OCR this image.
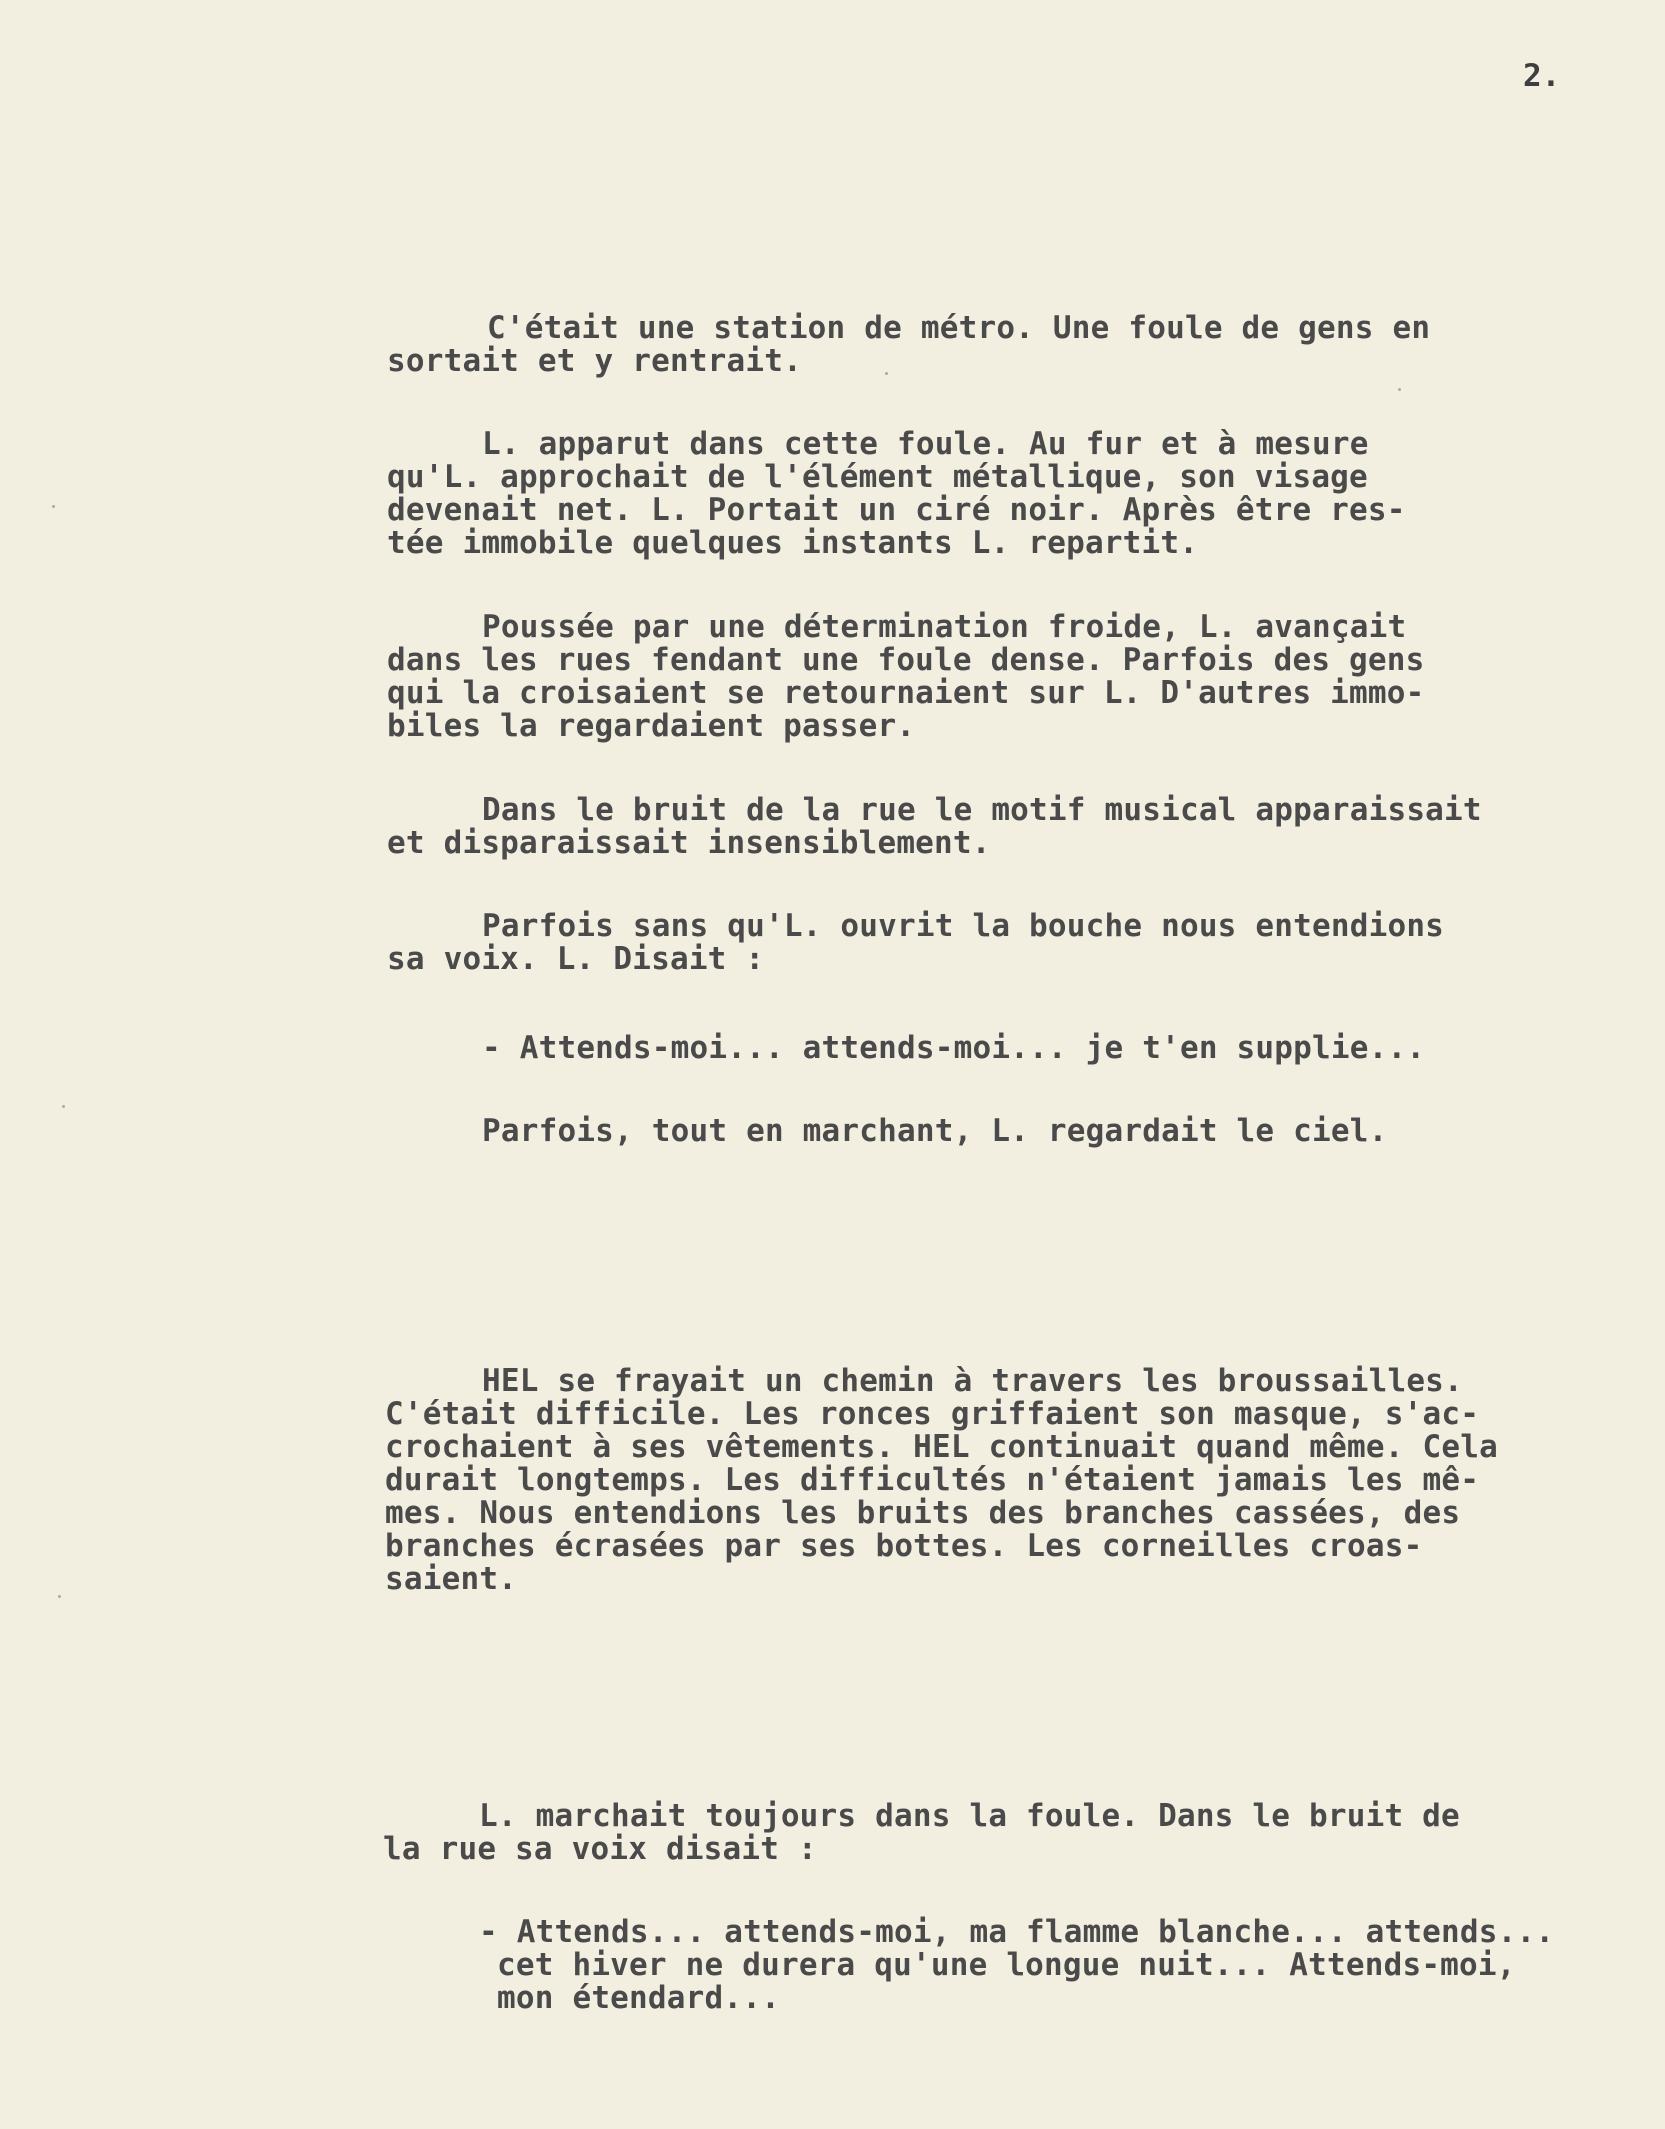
2.

C'était une station de métro. Une foule de gens en

sortait et y rentrait.

L. apparut dans cette foule. Au fur et à mesure

qu'L. approchait de l'élément métallique, son visage

devenait net. L. Portait un ciré noir. Après être res-

tée immobile quelques instants L. repartit.

Poussée par une détermination froide, L. avançait

dans les rues fendant une foule dense. Parfois des gens

qui la croisaient se retournaient sur L. D'autres immo-

biles la regardaient passer.

Dans le bruit de la rue le motif musical apparaissait

et disparaissait insensiblement.

Parfois sans qu'L. ouvrit la bouche nous entendions

sa voix. L. Disait :

- Attends-moi... attends-moi... je t'en supplie...

Parfois, tout en marchant, L. regardait le ciel.

HEL se frayait un chemin à travers les broussailles.

C'était difficile. Les ronces griffaient son masque, s'ac-

crochaient à ses vêtements. HEL continuait quand même. Cela

durait longtemps. Les difficultés n'étaient jamais les mê-

mes. Nous entendions les bruits des branches cassées, des

branches écrasées par ses bottes. Les corneilles croas-

saient.

L. marchait toujours dans la foule. Dans le bruit de

la rue sa voix disait :

- Attends... attends-moi, ma flamme blanche... attends...

cet hiver ne durera qu'une longue nuit... Attends-moi,

mon étendard...
